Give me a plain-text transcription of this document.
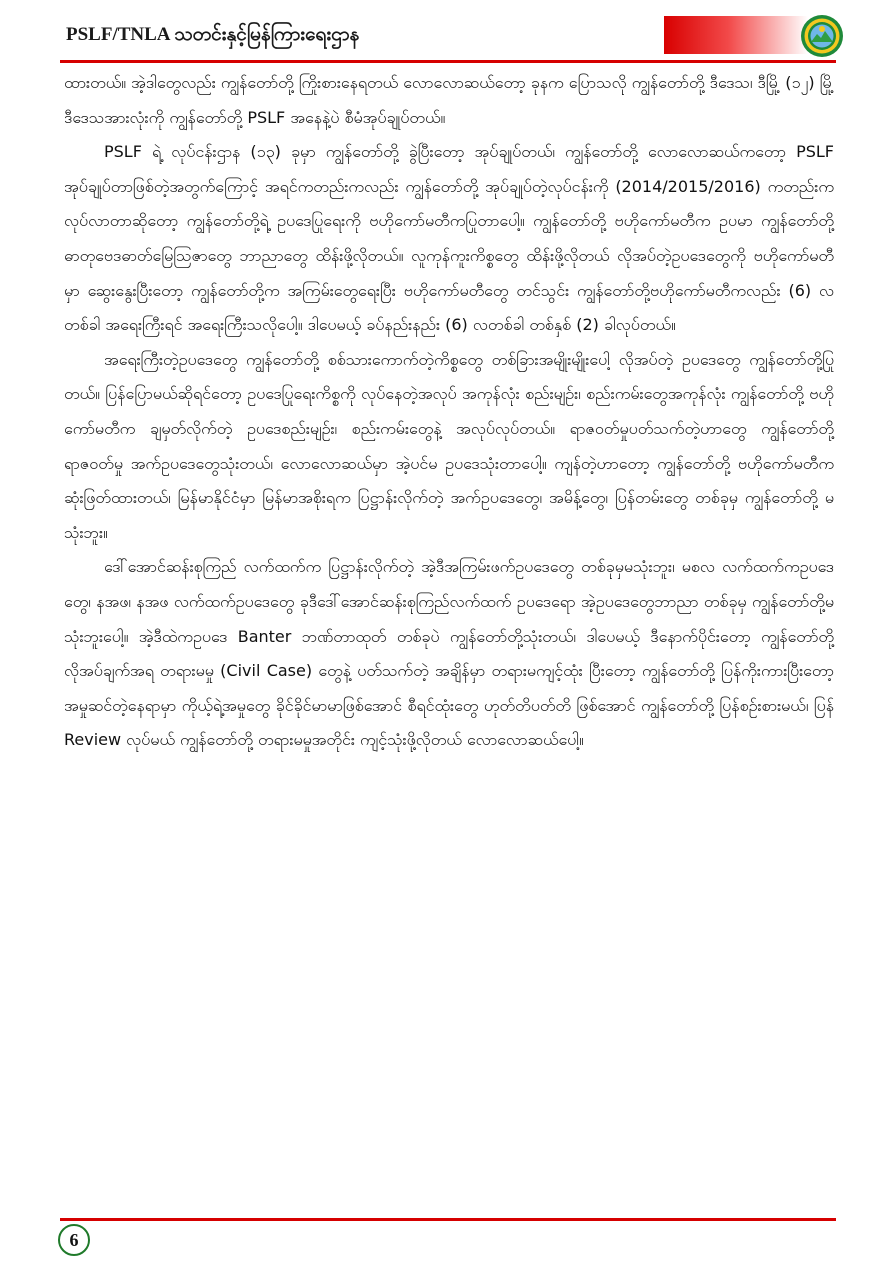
PSLF/TNLA သတင်းနှင့်မြန်ကြားရေးဌာန

ထားတယ်။ အဲ့ဒါတွေလည်း ကျွန်တော်တို့ ကြိုးစားနေရတယ် လောလောဆယ်တော့ ခုနက ပြောသလို ကျွန်တော်တို့ ဒီဒေသ၊ ဒီမြို့ (၁၂) မြို့ ဒီဒေသအားလုံးကို ကျွန်တော်တို့ PSLF အနေနဲ့ပဲ စီမံအုပ်ချုပ်တယ်။

PSLF ရဲ့ လုပ်ငန်းဌာန (၁၃) ခုမှာ ကျွန်တော်တို့ ခွဲပြီးတော့ အုပ်ချုပ်တယ်၊ ကျွန်တော်တို့ လောလောဆယ်ကတော့ PSLF အုပ်ချုပ်တာဖြစ်တဲ့အတွက်ကြောင့် အရင်ကတည်းကလည်း ကျွန်တော်တို့ အုပ်ချုပ်တဲ့လုပ်ငန်းကို (2014/2015/2016) ကတည်းက လုပ်လာတာဆိုတော့ ကျွန်တော်တို့ရဲ့ ဥပဒေပြုရေးကို ဗဟိုကော်မတီကပြုတာပေါ့။ ကျွန်တော်တို့ ဗဟိုကော်မတီက ဥပမာ ကျွန်တော်တို့ ဓာတုဗေဒဓာတ်မြေသြဇာတွေ ဘာညာတွေ ထိန်းဖို့လိုတယ်။ လူကုန်ကူးကိစ္စတွေ ထိန်းဖို့လိုတယ် လိုအပ်တဲ့ဥပဒေတွေကို ဗဟိုကော်မတီမှာ ဆွေးနွေးပြီးတော့ ကျွန်တော်တို့က အကြမ်းတွေရေးပြီး ဗဟိုကော်မတီတွေ တင်သွင်း ကျွန်တော်တို့ဗဟိုကော်မတီကလည်း (6) လတစ်ခါ အရေးကြီးရင် အရေးကြီးသလိုပေါ့။ ဒါပေမယ့် ခပ်နည်းနည်း (6) လတစ်ခါ တစ်နှစ် (2) ခါလုပ်တယ်။

အရေးကြီးတဲ့ဥပဒေတွေ ကျွန်တော်တို့ စစ်သားကောက်တဲ့ကိစ္စတွေ တစ်ခြားအမျိုးမျိုးပေါ့ လိုအပ်တဲ့ ဥပဒေတွေ ကျွန်တော်တို့ပြုတယ်။ ပြန်ပြောမယ်ဆိုရင်တော့ ဥပဒေပြုရေးကိစ္စကို လုပ်နေတဲ့အလုပ် အကုန်လုံး စည်းမျဉ်း၊ စည်းကမ်းတွေအကုန်လုံး ကျွန်တော်တို့ ဗဟိုကော်မတီက ချမှတ်လိုက်တဲ့ ဥပဒေစည်းမျဉ်း၊ စည်းကမ်းတွေနဲ့ အလုပ်လုပ်တယ်။ ရာဇဝတ်မှုပတ်သက်တဲ့ဟာတွေ ကျွန်တော်တို့ ရာဇဝတ်မှု အက်ဥပဒေတွေသုံးတယ်၊ လောလောဆယ်မှာ အဲ့ပင်မ ဥပဒေသုံးတာပေါ့။ ကျန်တဲ့ဟာတော့ ကျွန်တော်တို့ ဗဟိုကော်မတီက ဆုံးဖြတ်ထားတယ်၊ မြန်မာနိုင်ငံမှာ မြန်မာအစိုးရက ပြဋ္ဌာန်းလိုက်တဲ့ အက်ဥပဒေတွေ၊ အမိန့်တွေ၊ ပြန်တမ်းတွေ တစ်ခုမှ ကျွန်တော်တို့ မသုံးဘူး။

ဒေါ်အောင်ဆန်းစုကြည် လက်ထက်က ပြဋ္ဌာန်းလိုက်တဲ့ အဲ့ဒီအကြမ်းဖက်ဥပဒေတွေ တစ်ခုမှမသုံးဘူး၊ မစလ လက်ထက်ကဥပဒေတွေ၊ နအဖ၊ နအဖ လက်ထက်ဥပဒေတွေ ခုဒီဒေါ်အောင်ဆန်းစုကြည်လက်ထက် ဥပဒေရော အဲ့ဥပဒေတွေဘာညာ တစ်ခုမှ ကျွန်တော်တို့မသုံးဘူးပေါ့။ အဲ့ဒီထဲကဥပဒေ Banter ဘဏ်တာထုတ် တစ်ခုပဲ ကျွန်တော်တို့သုံးတယ်၊ ဒါပေမယ့် ဒီနောက်ပိုင်းတော့ ကျွန်တော်တို့ လိုအပ်ချက်အရ တရားမမှု (Civil Case) တွေနဲ့ ပတ်သက်တဲ့ အချိန်မှာ တရားမကျင့်ထုံး ပြီးတော့ ကျွန်တော်တို့ ပြန်ကိုးကားပြီးတော့ အမှုဆင်တဲ့နေရာမှာ ကိုယ့်ရဲ့အမှုတွေ ခိုင်ခိုင်မာမာဖြစ်အောင် စီရင်ထုံးတွေ ဟုတ်တိပတ်တိ ဖြစ်အောင် ကျွန်တော်တို့ ပြန်စဉ်းစားမယ်၊ ပြန် Review လုပ်မယ် ကျွန်တော်တို့ တရားမမှုအတိုင်း ကျင့်သုံးဖို့လိုတယ် လောလောဆယ်ပေါ့။

6
